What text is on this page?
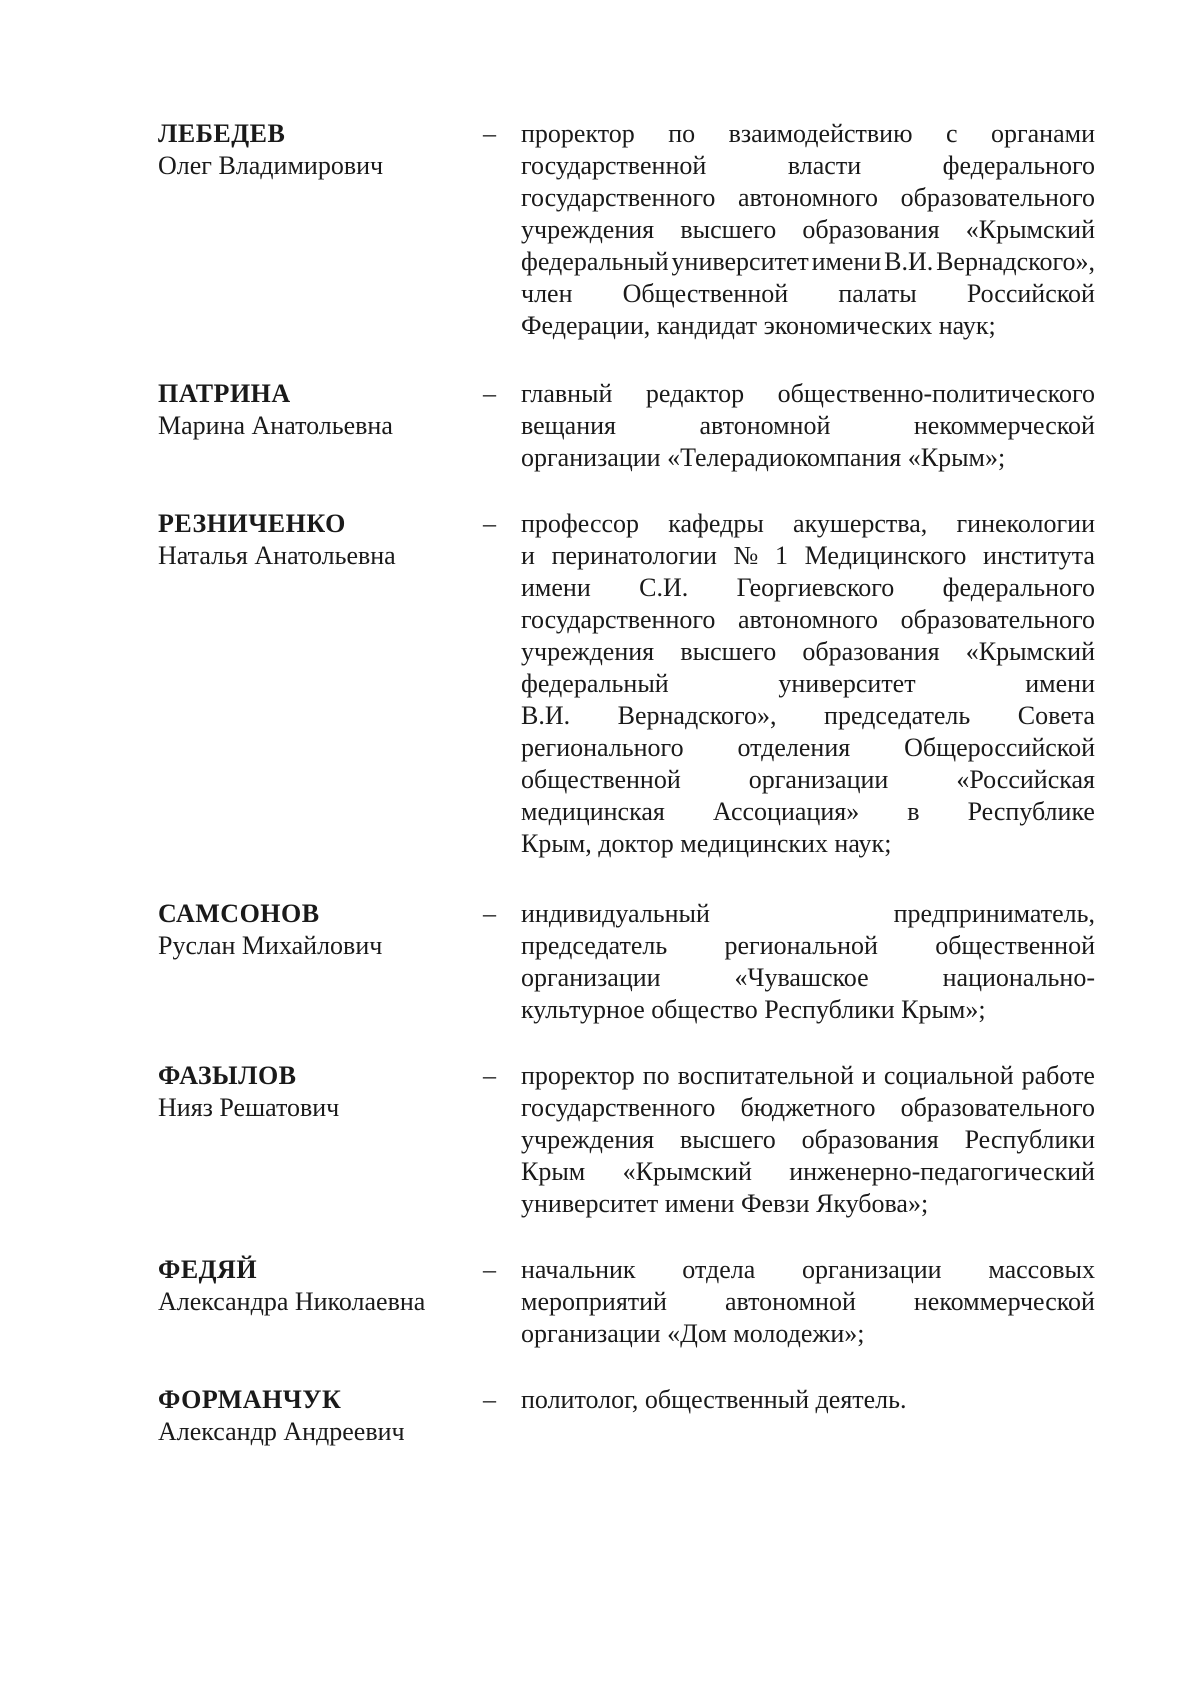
ЛЕБЕДЕВ
Олег Владимирович
– проректор по взаимодействию с органами
государственной	власти	федерального
государственного автономного образовательного
учреждения высшего образования «Крымский
федеральный университет имени В.И. Вернадского»,
член Общественной палаты Российской
Федерации, кандидат экономических наук;
ПАТРИНА
Марина Анатольевна
– главный редактор общественно-политического
вещания	автономной	некоммерческой
организации «Телерадиокомпания «Крым»;
РЕЗНИЧЕНКО
Наталья Анатольевна
– профессор кафедры акушерства, гинекологии
и перинатологии № 1 Медицинского института
имени С.И. Георгиевского федерального
государственного автономного образовательного
учреждения высшего образования «Крымский
федеральный	университет	имени
В.И. Вернадского», председатель Совета
регионального отделения Общероссийской
общественной	организации	«Российская
медицинская Ассоциация» в Республике
Крым, доктор медицинских наук;
САМСОНОВ
Руслан Михайлович
– индивидуальный	предприниматель,
председатель региональной общественной
организации	«Чувашское	национально-
культурное общество Республики Крым»;
ФАЗЫЛОВ
Нияз Решатович
– проректор по воспитательной и социальной работе
государственного бюджетного образовательного
учреждения высшего образования Республики
Крым «Крымский инженерно-педагогический
университет имени Февзи Якубова»;
ФЕДЯЙ
Александра Николаевна
– начальник отдела организации массовых
мероприятий автономной некоммерческой
организации «Дом молодежи»;
ФОРМАНЧУК
Александр Андреевич
– политолог, общественный деятель.
